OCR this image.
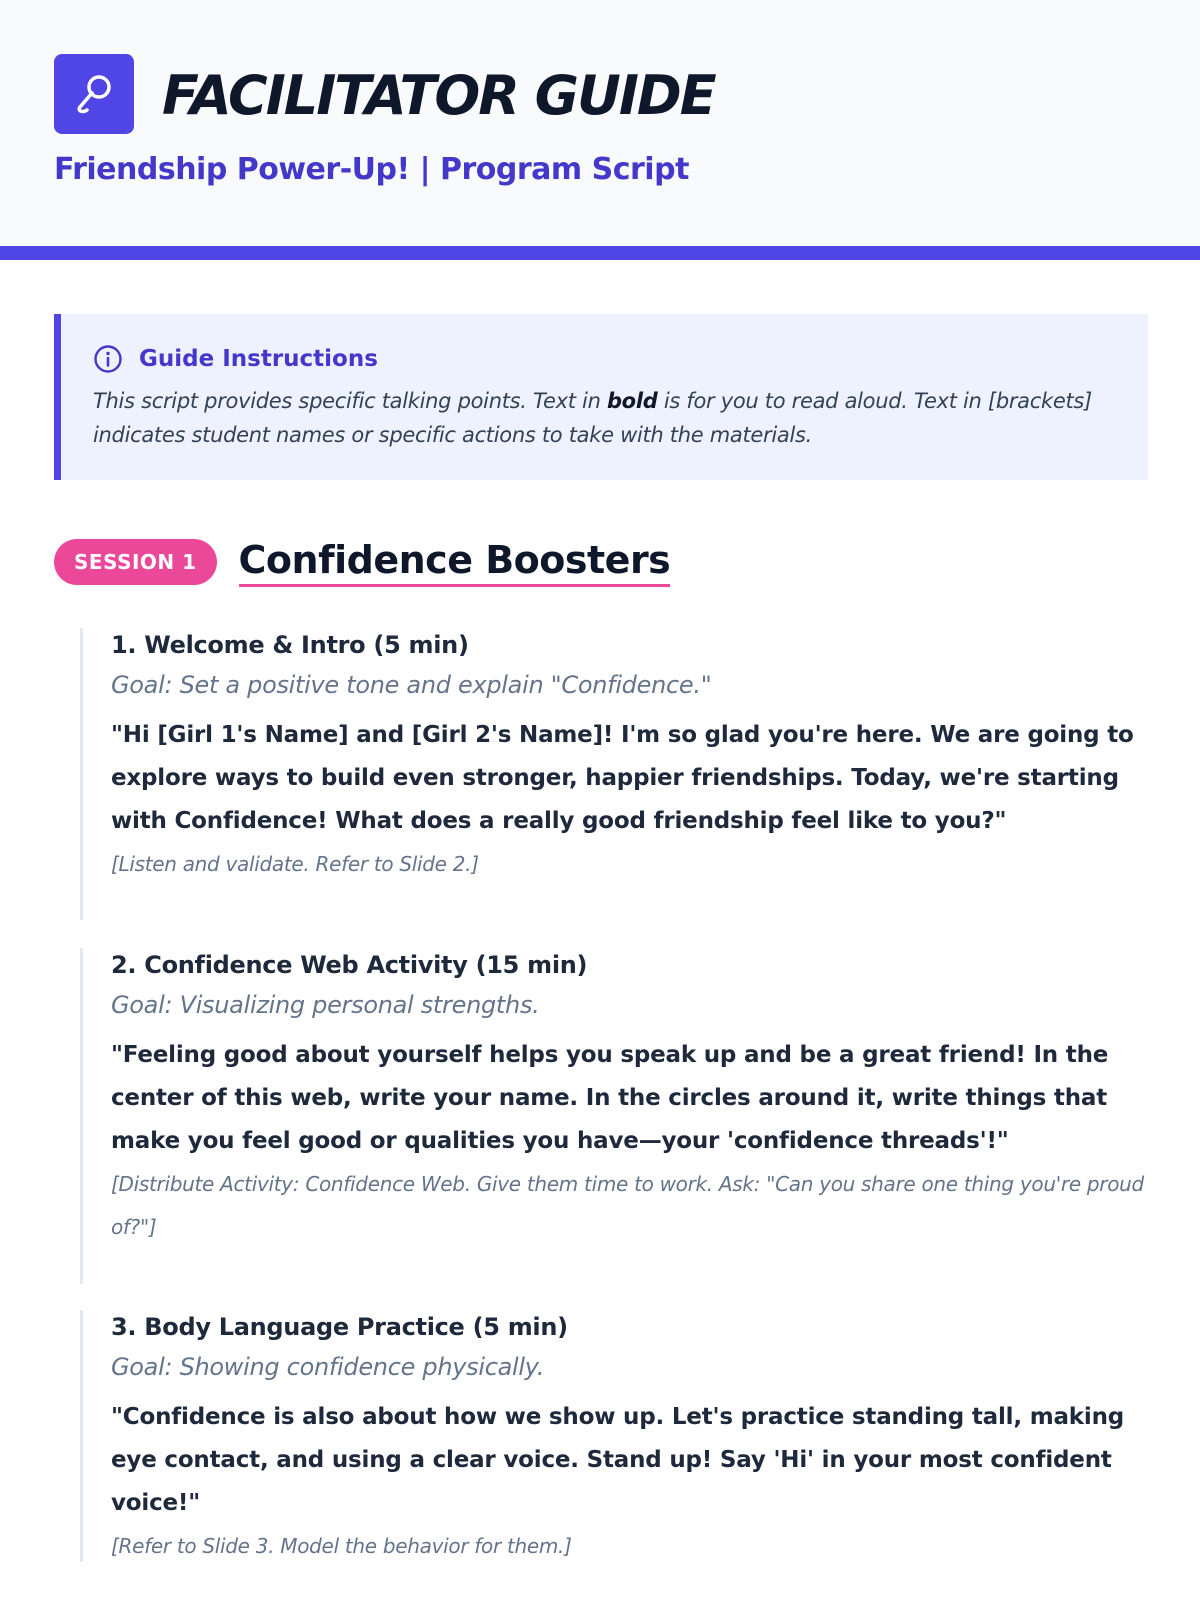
FACILITATOR GUIDE
Friendship Power-Up! | Program Script
Guide Instructions
This script provides specific talking points. Text in bold is for you to read aloud. Text in [brackets] indicates student names or specific actions to take with the materials.
SESSION 1	Confidence Boosters
1. Welcome & Intro (5 min)
Goal: Set a positive tone and explain "Confidence."
"Hi [Girl 1's Name] and [Girl 2's Name]! I'm so glad you're here. We are going to explore ways to build even stronger, happier friendships. Today, we're starting with Confidence! What does a really good friendship feel like to you?"
[Listen and validate. Refer to Slide 2.]
2. Confidence Web Activity (15 min)
Goal: Visualizing personal strengths.
"Feeling good about yourself helps you speak up and be a great friend! In the center of this web, write your name. In the circles around it, write things that make you feel good or qualities you have—your 'confidence threads'!"
[Distribute Activity: Confidence Web. Give them time to work. Ask: "Can you share one thing you're proud of?"]
3. Body Language Practice (5 min)
Goal: Showing confidence physically.
"Confidence is also about how we show up. Let's practice standing tall, making eye contact, and using a clear voice. Stand up! Say 'Hi' in your most confident voice!"
[Refer to Slide 3. Model the behavior for them.]
